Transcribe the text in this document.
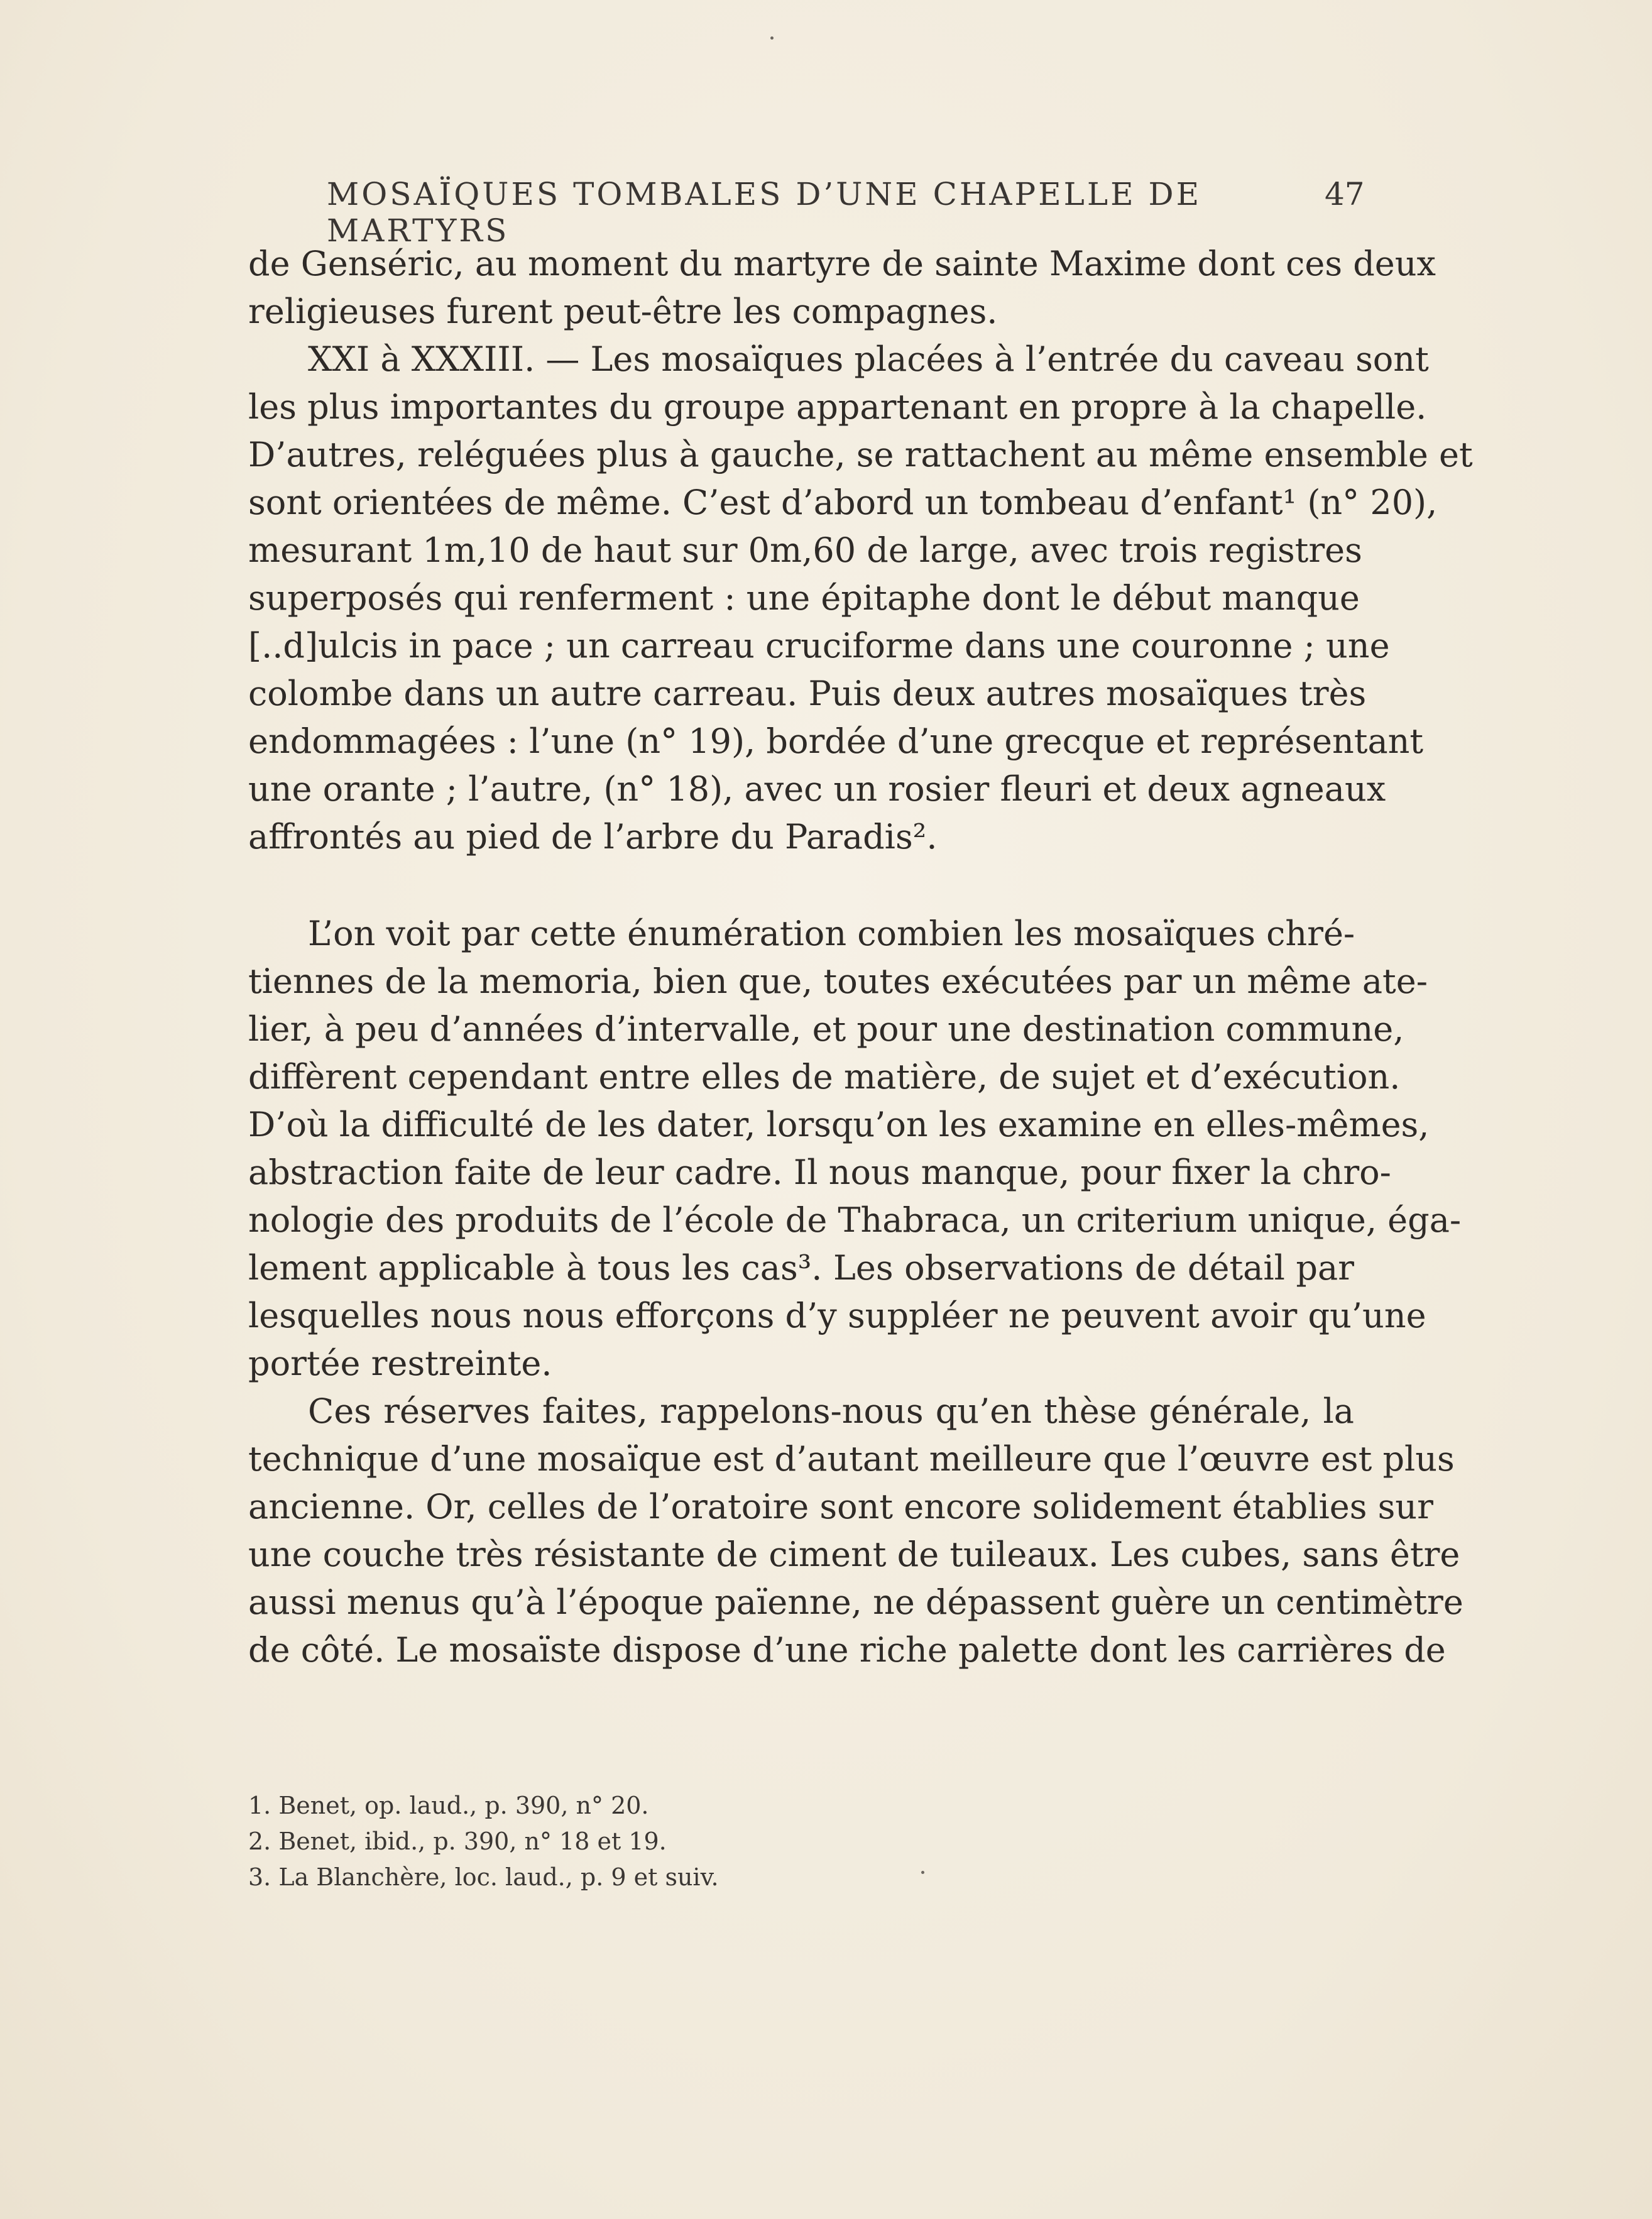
MOSAÏQUES TOMBALES D’UNE CHAPELLE DE MARTYRS
47
de Genséric, au moment du martyre de sainte Maxime dont ces deux
religieuses furent peut-être les compagnes.
XXI à XXXIII. — Les mosaïques placées à l’entrée du caveau sont
les plus importantes du groupe appartenant en propre à la chapelle.
D’autres, reléguées plus à gauche, se rattachent au même ensemble et
sont orientées de même. C’est d’abord un tombeau d’enfant¹ (n° 20),
mesurant 1m,10 de haut sur 0m,60 de large, avec trois registres
superposés qui renferment : une épitaphe dont le début manque
[..d]ulcis in pace ; un carreau cruciforme dans une couronne ; une
colombe dans un autre carreau. Puis deux autres mosaïques très
endommagées : l’une (n° 19), bordée d’une grecque et représentant
une orante ; l’autre, (n° 18), avec un rosier fleuri et deux agneaux
affrontés au pied de l’arbre du Paradis².
L’on voit par cette énumération combien les mosaïques chré-
tiennes de la memoria, bien que, toutes exécutées par un même ate-
lier, à peu d’années d’intervalle, et pour une destination commune,
diffèrent cependant entre elles de matière, de sujet et d’exécution.
D’où la difficulté de les dater, lorsqu’on les examine en elles-mêmes,
abstraction faite de leur cadre. Il nous manque, pour fixer la chro-
nologie des produits de l’école de Thabraca, un criterium unique, éga-
lement applicable à tous les cas³. Les observations de détail par
lesquelles nous nous efforçons d’y suppléer ne peuvent avoir qu’une
portée restreinte.
Ces réserves faites, rappelons-nous qu’en thèse générale, la
technique d’une mosaïque est d’autant meilleure que l’œuvre est plus
ancienne. Or, celles de l’oratoire sont encore solidement établies sur
une couche très résistante de ciment de tuileaux. Les cubes, sans être
aussi menus qu’à l’époque païenne, ne dépassent guère un centimètre
de côté. Le mosaïste dispose d’une riche palette dont les carrières de
1. Benet, op. laud., p. 390, n° 20.
2. Benet, ibid., p. 390, n° 18 et 19.
3. La Blanchère, loc. laud., p. 9 et suiv.
